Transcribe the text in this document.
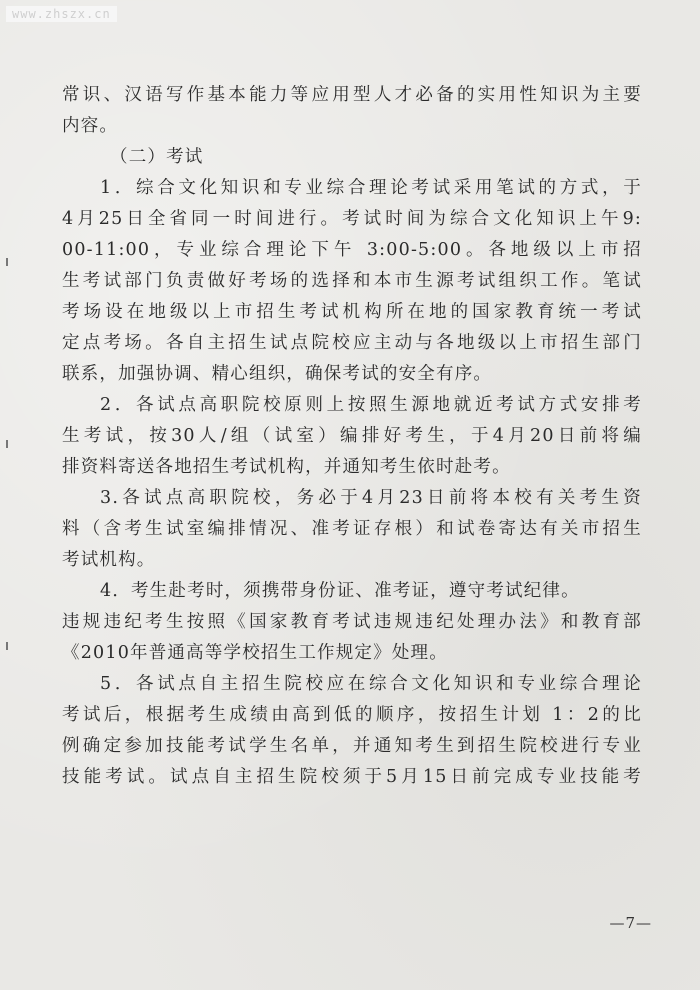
www.zhszx.cn
常识、汉语写作基本能力等应用型人才必备的实用性知识为主要
内容。
（二）考试
1．综合文化知识和专业综合理论考试采用笔试的方式，于
4月25日全省同一时间进行。考试时间为综合文化知识上午9:
00-11:00，专业综合理论下午 3:00-5:00。各地级以上市招
生考试部门负责做好考场的选择和本市生源考试组织工作。笔试
考场设在地级以上市招生考试机构所在地的国家教育统一考试
定点考场。各自主招生试点院校应主动与各地级以上市招生部门
联系，加强协调、精心组织，确保考试的安全有序。
2．各试点高职院校原则上按照生源地就近考试方式安排考
生考试，按30人/组（试室）编排好考生，于4月20日前将编
排资料寄送各地招生考试机构，并通知考生依时赴考。
3.各试点高职院校，务必于4月23日前将本校有关考生资
料（含考生试室编排情况、准考证存根）和试卷寄达有关市招生
考试机构。
4．考生赴考时，须携带身份证、准考证，遵守考试纪律。
违规违纪考生按照《国家教育考试违规违纪处理办法》和教育部
《2010年普通高等学校招生工作规定》处理。
5．各试点自主招生院校应在综合文化知识和专业综合理论
考试后，根据考生成绩由高到低的顺序，按招生计划 1：2的比
例确定参加技能考试学生名单，并通知考生到招生院校进行专业
技能考试。试点自主招生院校须于5月15日前完成专业技能考
—7—
